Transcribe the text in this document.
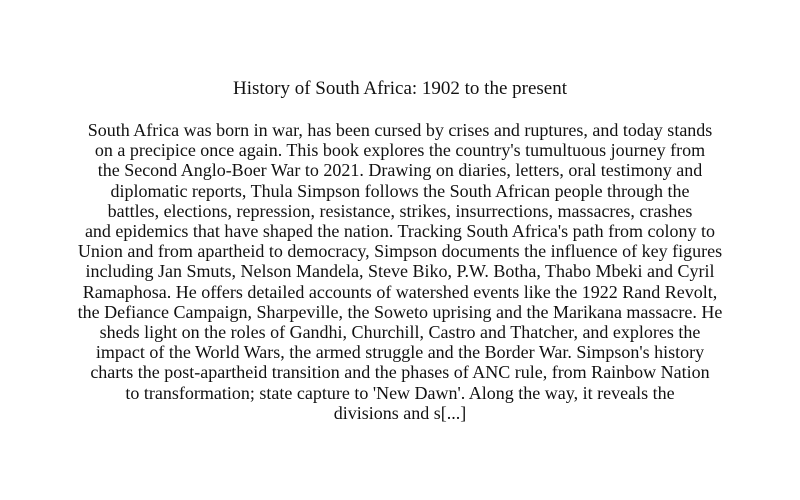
History of South Africa: 1902 to the present
South Africa was born in war, has been cursed by crises and ruptures, and today stands
on a precipice once again. This book explores the country's tumultuous journey from
the Second Anglo-Boer War to 2021. Drawing on diaries, letters, oral testimony and
diplomatic reports, Thula Simpson follows the South African people through the
battles, elections, repression, resistance, strikes, insurrections, massacres, crashes
and epidemics that have shaped the nation. Tracking South Africa's path from colony to
Union and from apartheid to democracy, Simpson documents the influence of key figures
including Jan Smuts, Nelson Mandela, Steve Biko, P.W. Botha, Thabo Mbeki and Cyril
Ramaphosa. He offers detailed accounts of watershed events like the 1922 Rand Revolt,
the Defiance Campaign, Sharpeville, the Soweto uprising and the Marikana massacre. He
sheds light on the roles of Gandhi, Churchill, Castro and Thatcher, and explores the
impact of the World Wars, the armed struggle and the Border War. Simpson's history
charts the post-apartheid transition and the phases of ANC rule, from Rainbow Nation
to transformation; state capture to 'New Dawn'. Along the way, it reveals the
divisions and s[...]
